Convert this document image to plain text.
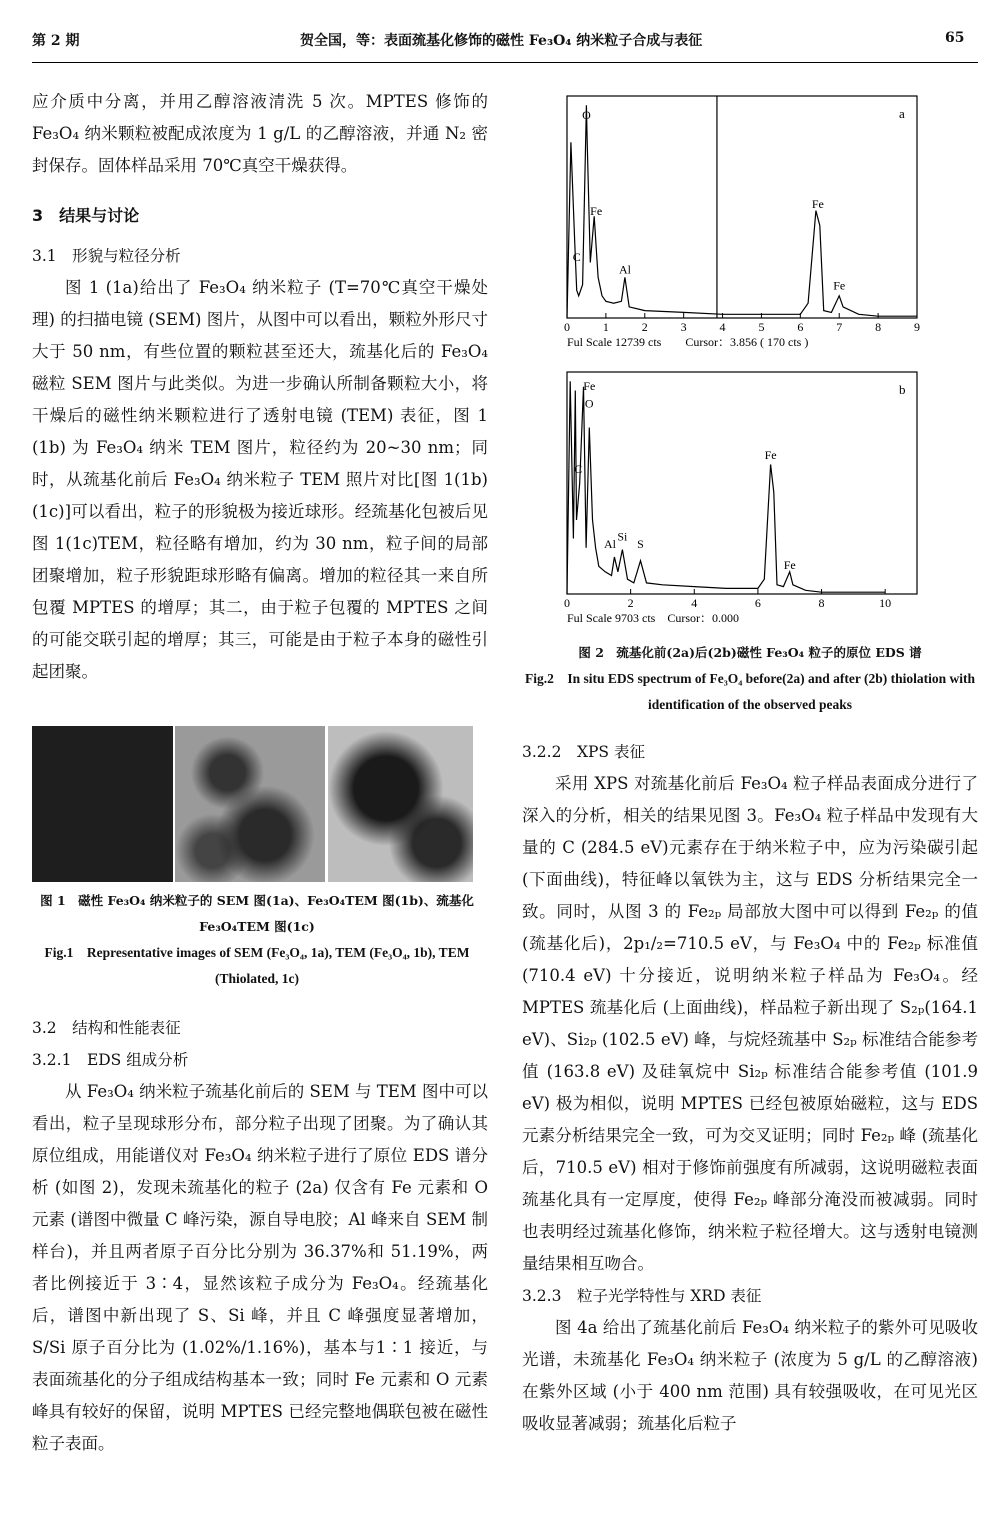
第 2 期	贺全国，等：表面巯基化修饰的磁性 Fe₃O₄ 纳米粒子合成与表征	65

应介质中分离，并用乙醇溶液清洗 5 次。MPTES 修饰的 Fe₃O₄ 纳米颗粒被配成浓度为 1 g/L 的乙醇溶液，并通 N₂ 密封保存。固体样品采用 70℃真空干燥获得。

3　结果与讨论

3.1　形貌与粒径分析

图 1 (1a)给出了 Fe₃O₄ 纳米粒子 (T=70℃真空干燥处理) 的扫描电镜 (SEM) 图片，从图中可以看出，颗粒外形尺寸大于 50 nm，有些位置的颗粒甚至还大，巯基化后的 Fe₃O₄ 磁粒 SEM 图片与此类似。为进一步确认所制备颗粒大小，将干燥后的磁性纳米颗粒进行了透射电镜 (TEM) 表征，图 1 (1b) 为 Fe₃O₄ 纳米 TEM 图片，粒径约为 20~30 nm；同时，从巯基化前后 Fe₃O₄ 纳米粒子 TEM 照片对比[图 1(1b)(1c)]可以看出，粒子的形貌极为接近球形。经巯基化包被后见图 1(1c)TEM，粒径略有增加，约为 30 nm，粒子间的局部团聚增加，粒子形貌距球形略有偏离。增加的粒径其一来自所包覆 MPTES 的增厚；其二，由于粒子包覆的 MPTES 之间的可能交联引起的增厚；其三，可能是由于粒子本身的磁性引起团聚。

图 1　磁性 Fe₃O₄ 纳米粒子的 SEM 图(1a)、Fe₃O₄TEM 图(1b)、巯基化 Fe₃O₄TEM 图(1c)
Fig.1　Representative images of SEM (Fe₃O₄, 1a), TEM (Fe₃O₄, 1b), TEM (Thiolated, 1c)

3.2　结构和性能表征

3.2.1　EDS 组成分析

从 Fe₃O₄ 纳米粒子巯基化前后的 SEM 与 TEM 图中可以看出，粒子呈现球形分布，部分粒子出现了团聚。为了确认其原位组成，用能谱仪对 Fe₃O₄ 纳米粒子进行了原位 EDS 谱分析 (如图 2)，发现未巯基化的粒子 (2a) 仅含有 Fe 元素和 O 元素 (谱图中微量 C 峰污染，源自导电胶；Al 峰来自 SEM 制样台)，并且两者原子百分比分别为 36.37%和 51.19%，两者比例接近于 3∶4，显然该粒子成分为 Fe₃O₄。经巯基化后，谱图中新出现了 S、Si 峰，并且 C 峰强度显著增加，S/Si 原子百分比为 (1.02%/1.16%)，基本与1∶1 接近，与表面巯基化的分子组成结构基本一致；同时 Fe 元素和 O 元素峰具有较好的保留，说明 MPTES 已经完整地偶联包被在磁性粒子表面。

a
C
O
Fe
Al
Fe
Fe
0	1	2	3	4	5	6	7	8	9
Ful Scale 12739 cts　　Cursor：3.856 ( 170 cts )
b
Fe
O
C
Al
Si
S
Fe
Fe
0	2	4	6	8	10
Ful Scale 9703 cts　Cursor：0.000
图 2　巯基化前(2a)后(2b)磁性 Fe₃O₄ 粒子的原位 EDS 谱
Fig.2　In situ EDS spectrum of Fe₃O₄ before(2a) and after (2b) thiolation with identification of the observed peaks

3.2.2　XPS 表征

采用 XPS 对巯基化前后 Fe₃O₄ 粒子样品表面成分进行了深入的分析，相关的结果见图 3。Fe₃O₄ 粒子样品中发现有大量的 C (284.5 eV)元素存在于纳米粒子中，应为污染碳引起 (下面曲线)，特征峰以氧铁为主，这与 EDS 分析结果完全一致。同时，从图 3 的 Fe₂ₚ 局部放大图中可以得到 Fe₂ₚ 的值 (巯基化后)，2p₁/₂=710.5 eV，与 Fe₃O₄ 中的 Fe₂ₚ 标准值 (710.4 eV) 十分接近，说明纳米粒子样品为 Fe₃O₄。经 MPTES 巯基化后 (上面曲线)，样品粒子新出现了 S₂ₚ(164.1 eV)、Si₂ₚ (102.5 eV) 峰，与烷烃巯基中 S₂ₚ 标准结合能参考值 (163.8 eV) 及硅氧烷中 Si₂ₚ 标准结合能参考值 (101.9 eV) 极为相似，说明 MPTES 已经包被原始磁粒，这与 EDS 元素分析结果完全一致，可为交叉证明；同时 Fe₂ₚ 峰 (巯基化后，710.5 eV) 相对于修饰前强度有所减弱，这说明磁粒表面巯基化具有一定厚度，使得 Fe₂ₚ 峰部分淹没而被减弱。同时也表明经过巯基化修饰，纳米粒子粒径增大。这与透射电镜测量结果相互吻合。

3.2.3　粒子光学特性与 XRD 表征

图 4a 给出了巯基化前后 Fe₃O₄ 纳米粒子的紫外可见吸收光谱，未巯基化 Fe₃O₄ 纳米粒子 (浓度为 5 g/L 的乙醇溶液) 在紫外区域 (小于 400 nm 范围) 具有较强吸收，在可见光区吸收显著减弱；巯基化后粒子
